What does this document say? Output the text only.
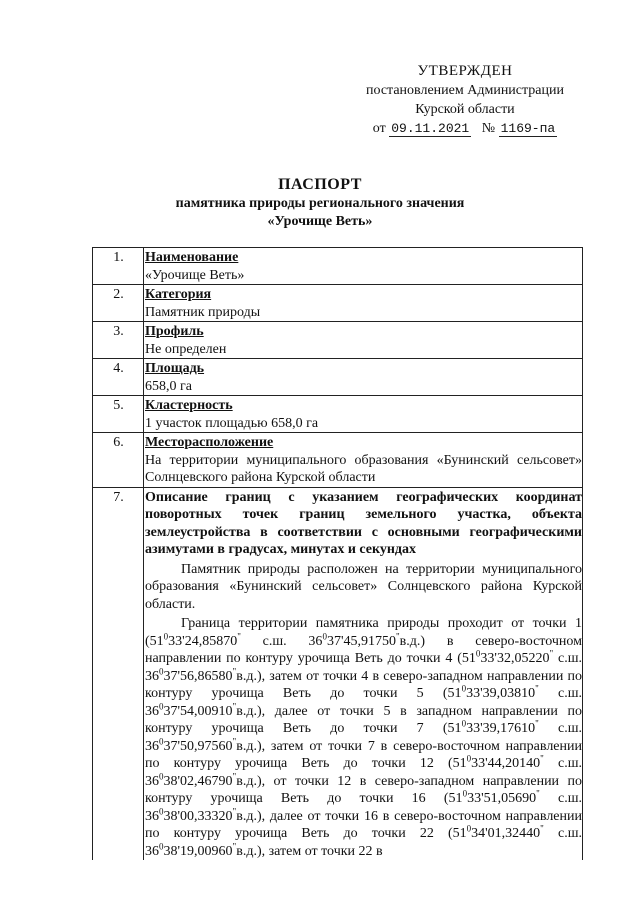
УТВЕРЖДЕН
постановлением Администрации
Курской области
от 09.11.2021 № 1169-па
ПАСПОРТ
памятника природы регионального значения
«Урочище Веть»
1.	Наименование
«Урочище Веть»

2.	Категория
Памятник природы

3.	Профиль
Не определен

4.	Площадь
658,0 га

5.	Кластерность
1 участок площадью 658,0 га

6.	Месторасположение
На территории муниципального образования «Бунинский сельсовет» Солнцевского района Курской области

7.	Описание границ с указанием географических координат поворотных точек границ земельного участка, объекта землеустройства в соответствии с основными географическими азимутами в градусах, минутах и секундах
Памятник природы расположен на территории муниципального образования «Бунинский сельсовет» Солнцевского района Курской области.
Граница территории памятника природы проходит от точки 1 ($51^033'24,85870^"$ с.ш. $36^037'45,91750^"в.д$.) в северо-восточном направлении по контуру урочища Веть до точки 4 ($51^033'32,05220^"$ с.ш. $36^037'56,86580^"в.д$.), затем от точки 4 в северо-западном направлении по контуру урочища Веть до точки 5 ($51^033'39,03810^"$ с.ш. $36^037'54,00910^"в.д$.), далее от точки 5 в западном направлении по контуру урочища Веть до точки 7 ($51^033'39,17610^"$ с.ш. $36^037'50,97560^"в.д$.), затем от точки 7 в северо-восточном направлении по контуру урочища Веть до точки 12 ($51^033'44,20140^"$ с.ш. $36^038'02,46790^"в.д$.), от точки 12 в северо-западном направлении по контуру урочища Веть до точки 16 ($51^033'51,05690^"$ с.ш. $36^038'00,33320^"в.д$.), далее от точки 16 в северо-восточном направлении по контуру урочища Веть до точки 22 ($51^034'01,32440^"$ с.ш. $36^038'19,00960^"в.д$.), затем от точки 22 в
